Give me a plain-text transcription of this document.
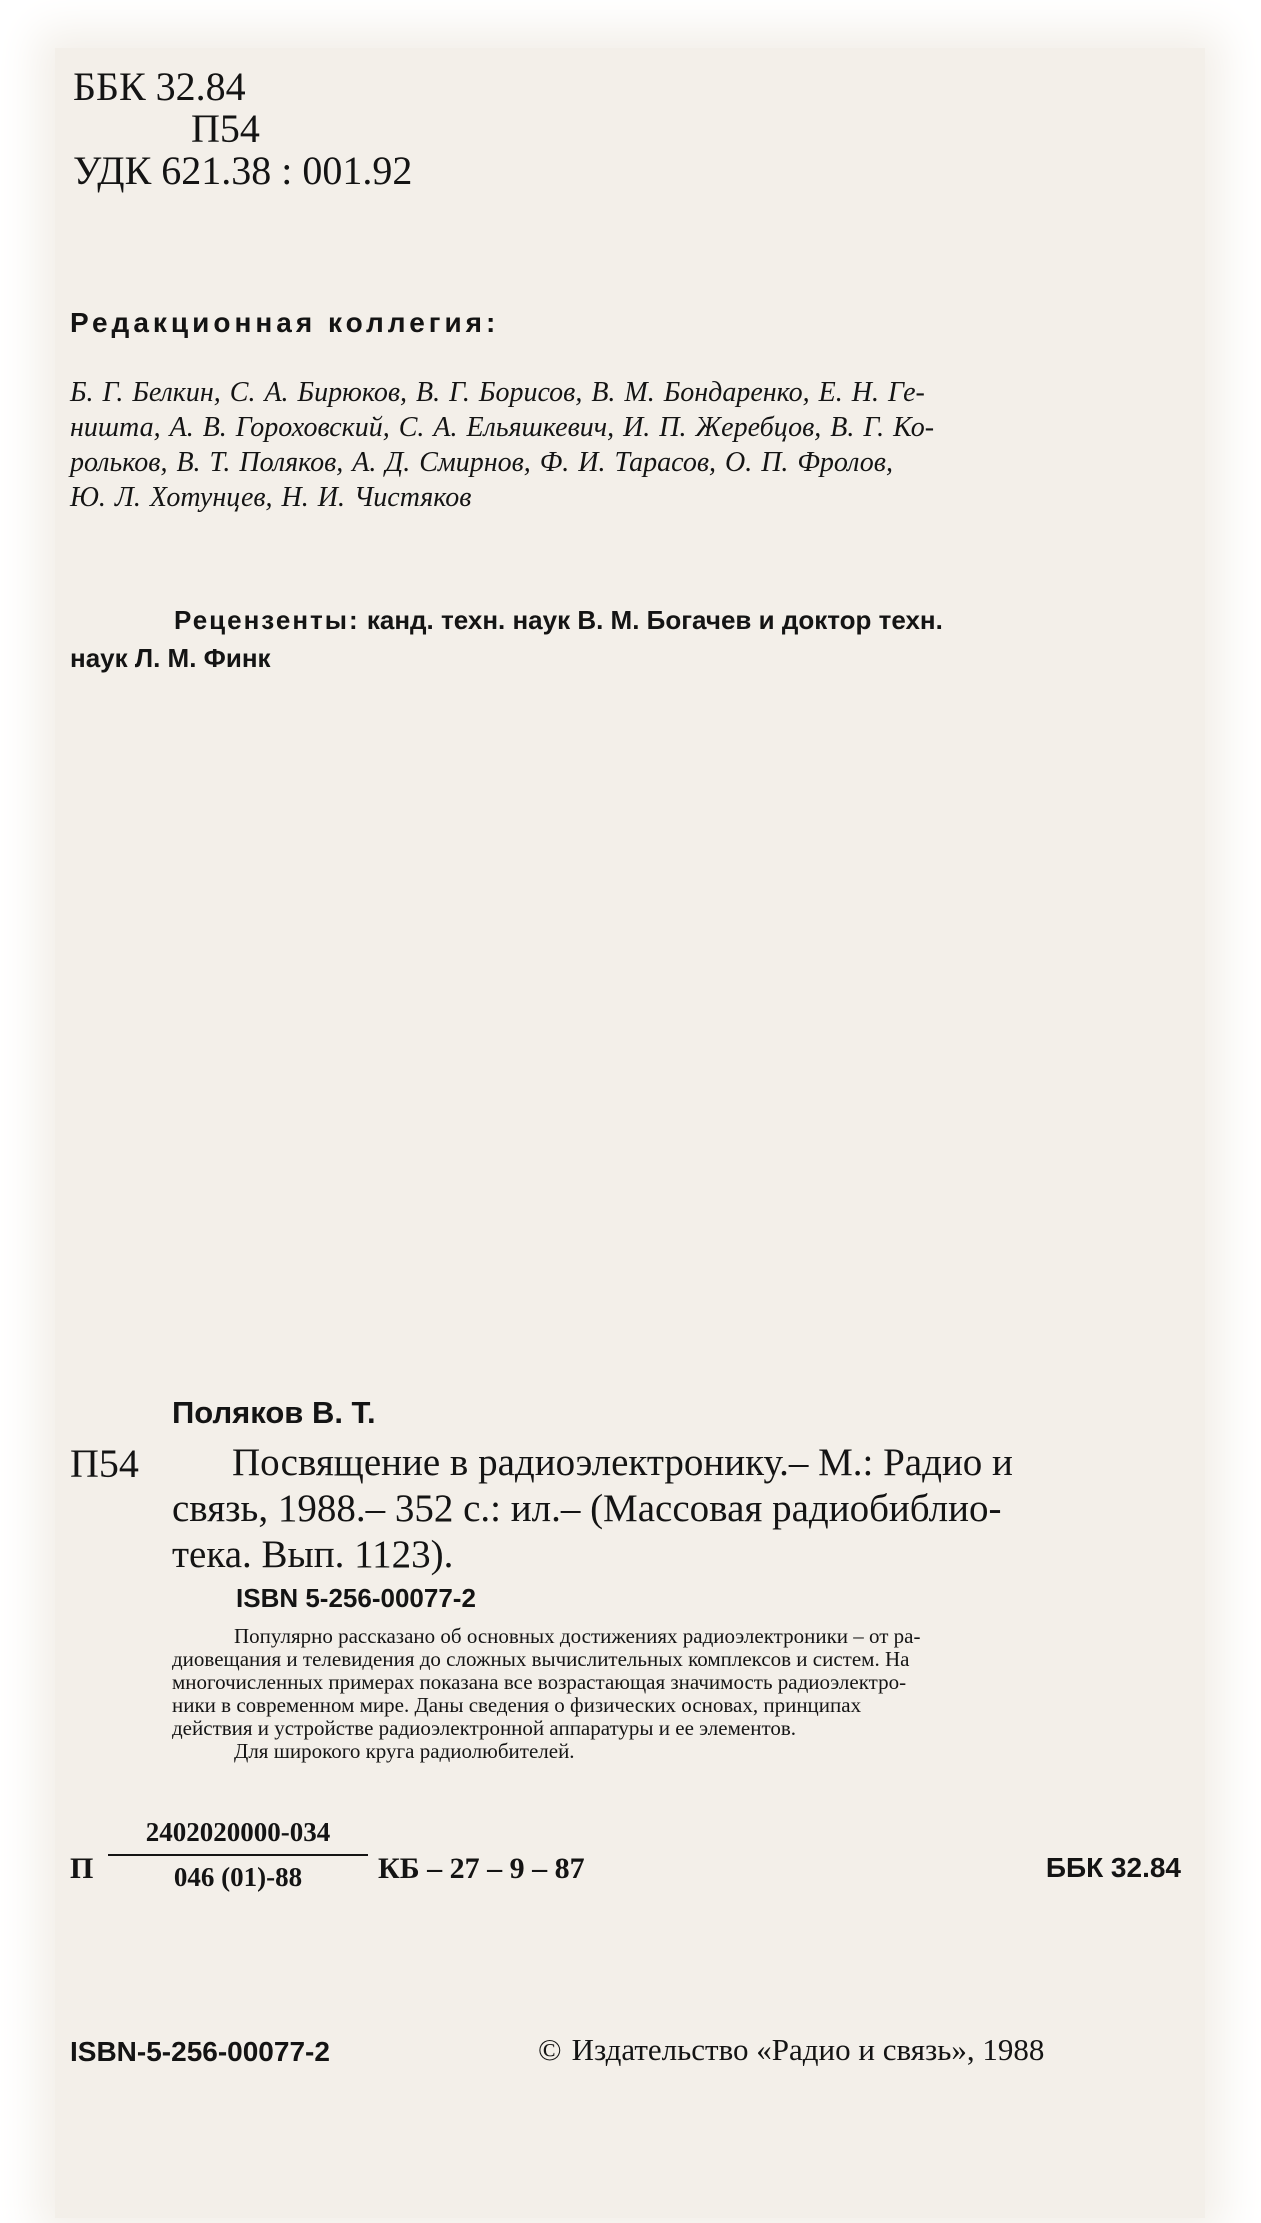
ББК 32.84
П54
УДК 621.38 : 001.92
Редакционная коллегия:
Б. Г. Белкин, С. А. Бирюков, В. Г. Борисов, В. М. Бондаренко, Е. Н. Ге-
ништа, А. В. Гороховский, С. А. Ельяшкевич, И. П. Жеребцов, В. Г. Ко-
рольков, В. Т. Поляков, А. Д. Смирнов, Ф. И. Тарасов, О. П. Фролов,
Ю. Л. Хотунцев, Н. И. Чистяков
Рецензенты: канд. техн. наук В. М. Богачев и доктор техн.
наук Л. М. Финк
Поляков В. Т.
П54 Посвящение в радиоэлектронику.– М.: Радио и
связь, 1988.– 352 с.: ил.– (Массовая радиобиблио-
тека. Вып. 1123).
ISBN 5-256-00077-2
Популярно рассказано об основных достижениях радиоэлектроники – от ра-
диовещания и телевидения до сложных вычислительных комплексов и систем. На
многочисленных примерах показана все возрастающая значимость радиоэлектро-
ники в современном мире. Даны сведения о физических основах, принципах
действия и устройстве радиоэлектронной аппаратуры и ее элементов.
Для широкого круга радиолюбителей.
П $\frac{2402020000-034}{046 (01)-88}$ КБ – 27 – 9 – 87	ББК 32.84
ISBN-5-256-00077-2	© Издательство «Радио и связь», 1988
